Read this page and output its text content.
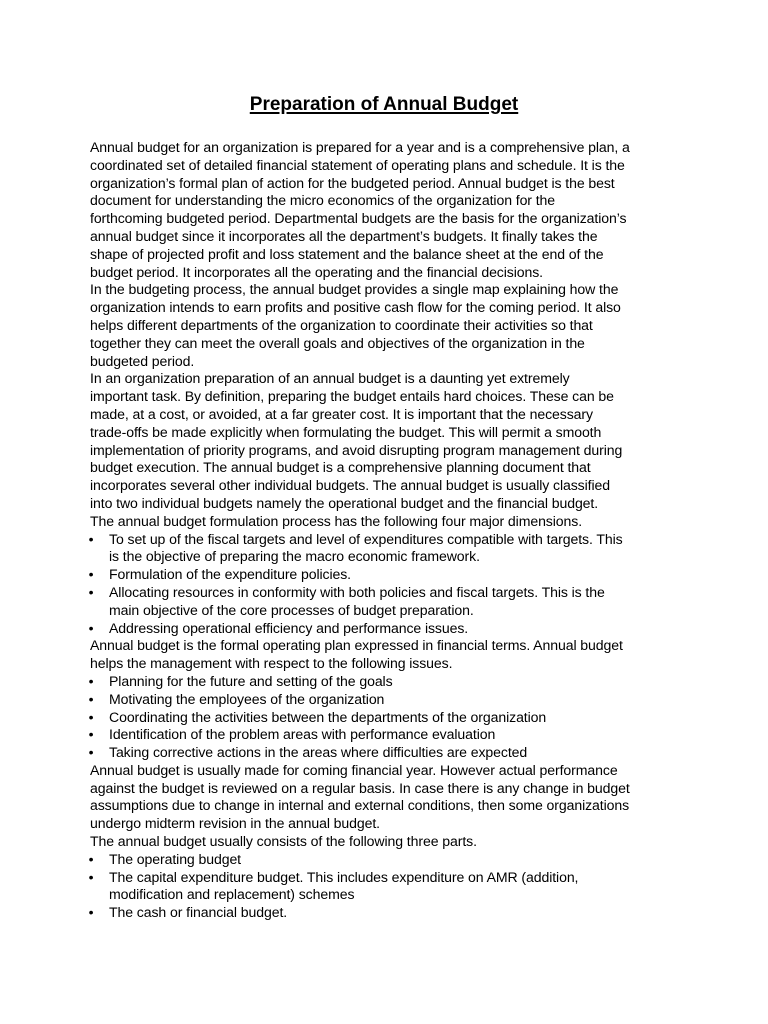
Preparation of Annual Budget

Annual budget for an organization is prepared for a year and is a comprehensive plan, a
coordinated set of detailed financial statement of operating plans and schedule. It is the
organization’s formal plan of action for the budgeted period. Annual budget is the best
document for understanding the micro economics of the organization for the
forthcoming budgeted period. Departmental budgets are the basis for the organization’s
annual budget since it incorporates all the department’s budgets. It finally takes the
shape of projected profit and loss statement and the balance sheet at the end of the
budget period. It incorporates all the operating and the financial decisions.

In the budgeting process, the annual budget provides a single map explaining how the
organization intends to earn profits and positive cash flow for the coming period. It also
helps different departments of the organization to coordinate their activities so that
together they can meet the overall goals and objectives of the organization in the
budgeted period.

In an organization preparation of an annual budget is a daunting yet extremely
important task. By definition, preparing the budget entails hard choices. These can be
made, at a cost, or avoided, at a far greater cost. It is important that the necessary
trade-offs be made explicitly when formulating the budget. This will permit a smooth
implementation of priority programs, and avoid disrupting program management during
budget execution. The annual budget is a comprehensive planning document that
incorporates several other individual budgets. The annual budget is usually classified
into two individual budgets namely the operational budget and the financial budget.
The annual budget formulation process has the following four major dimensions.

• To set up of the fiscal targets and level of expenditures compatible with targets. This
is the objective of preparing the macro economic framework.
• Formulation of the expenditure policies.
• Allocating resources in conformity with both policies and fiscal targets. This is the
main objective of the core processes of budget preparation.
• Addressing operational efficiency and performance issues.

Annual budget is the formal operating plan expressed in financial terms. Annual budget
helps the management with respect to the following issues.

• Planning for the future and setting of the goals
• Motivating the employees of the organization
• Coordinating the activities between the departments of the organization
• Identification of the problem areas with performance evaluation
• Taking corrective actions in the areas where difficulties are expected

Annual budget is usually made for coming financial year. However actual performance
against the budget is reviewed on a regular basis. In case there is any change in budget
assumptions due to change in internal and external conditions, then some organizations
undergo midterm revision in the annual budget.

The annual budget usually consists of the following three parts.

• The operating budget
• The capital expenditure budget. This includes expenditure on AMR (addition,
modification and replacement) schemes
• The cash or financial budget.
